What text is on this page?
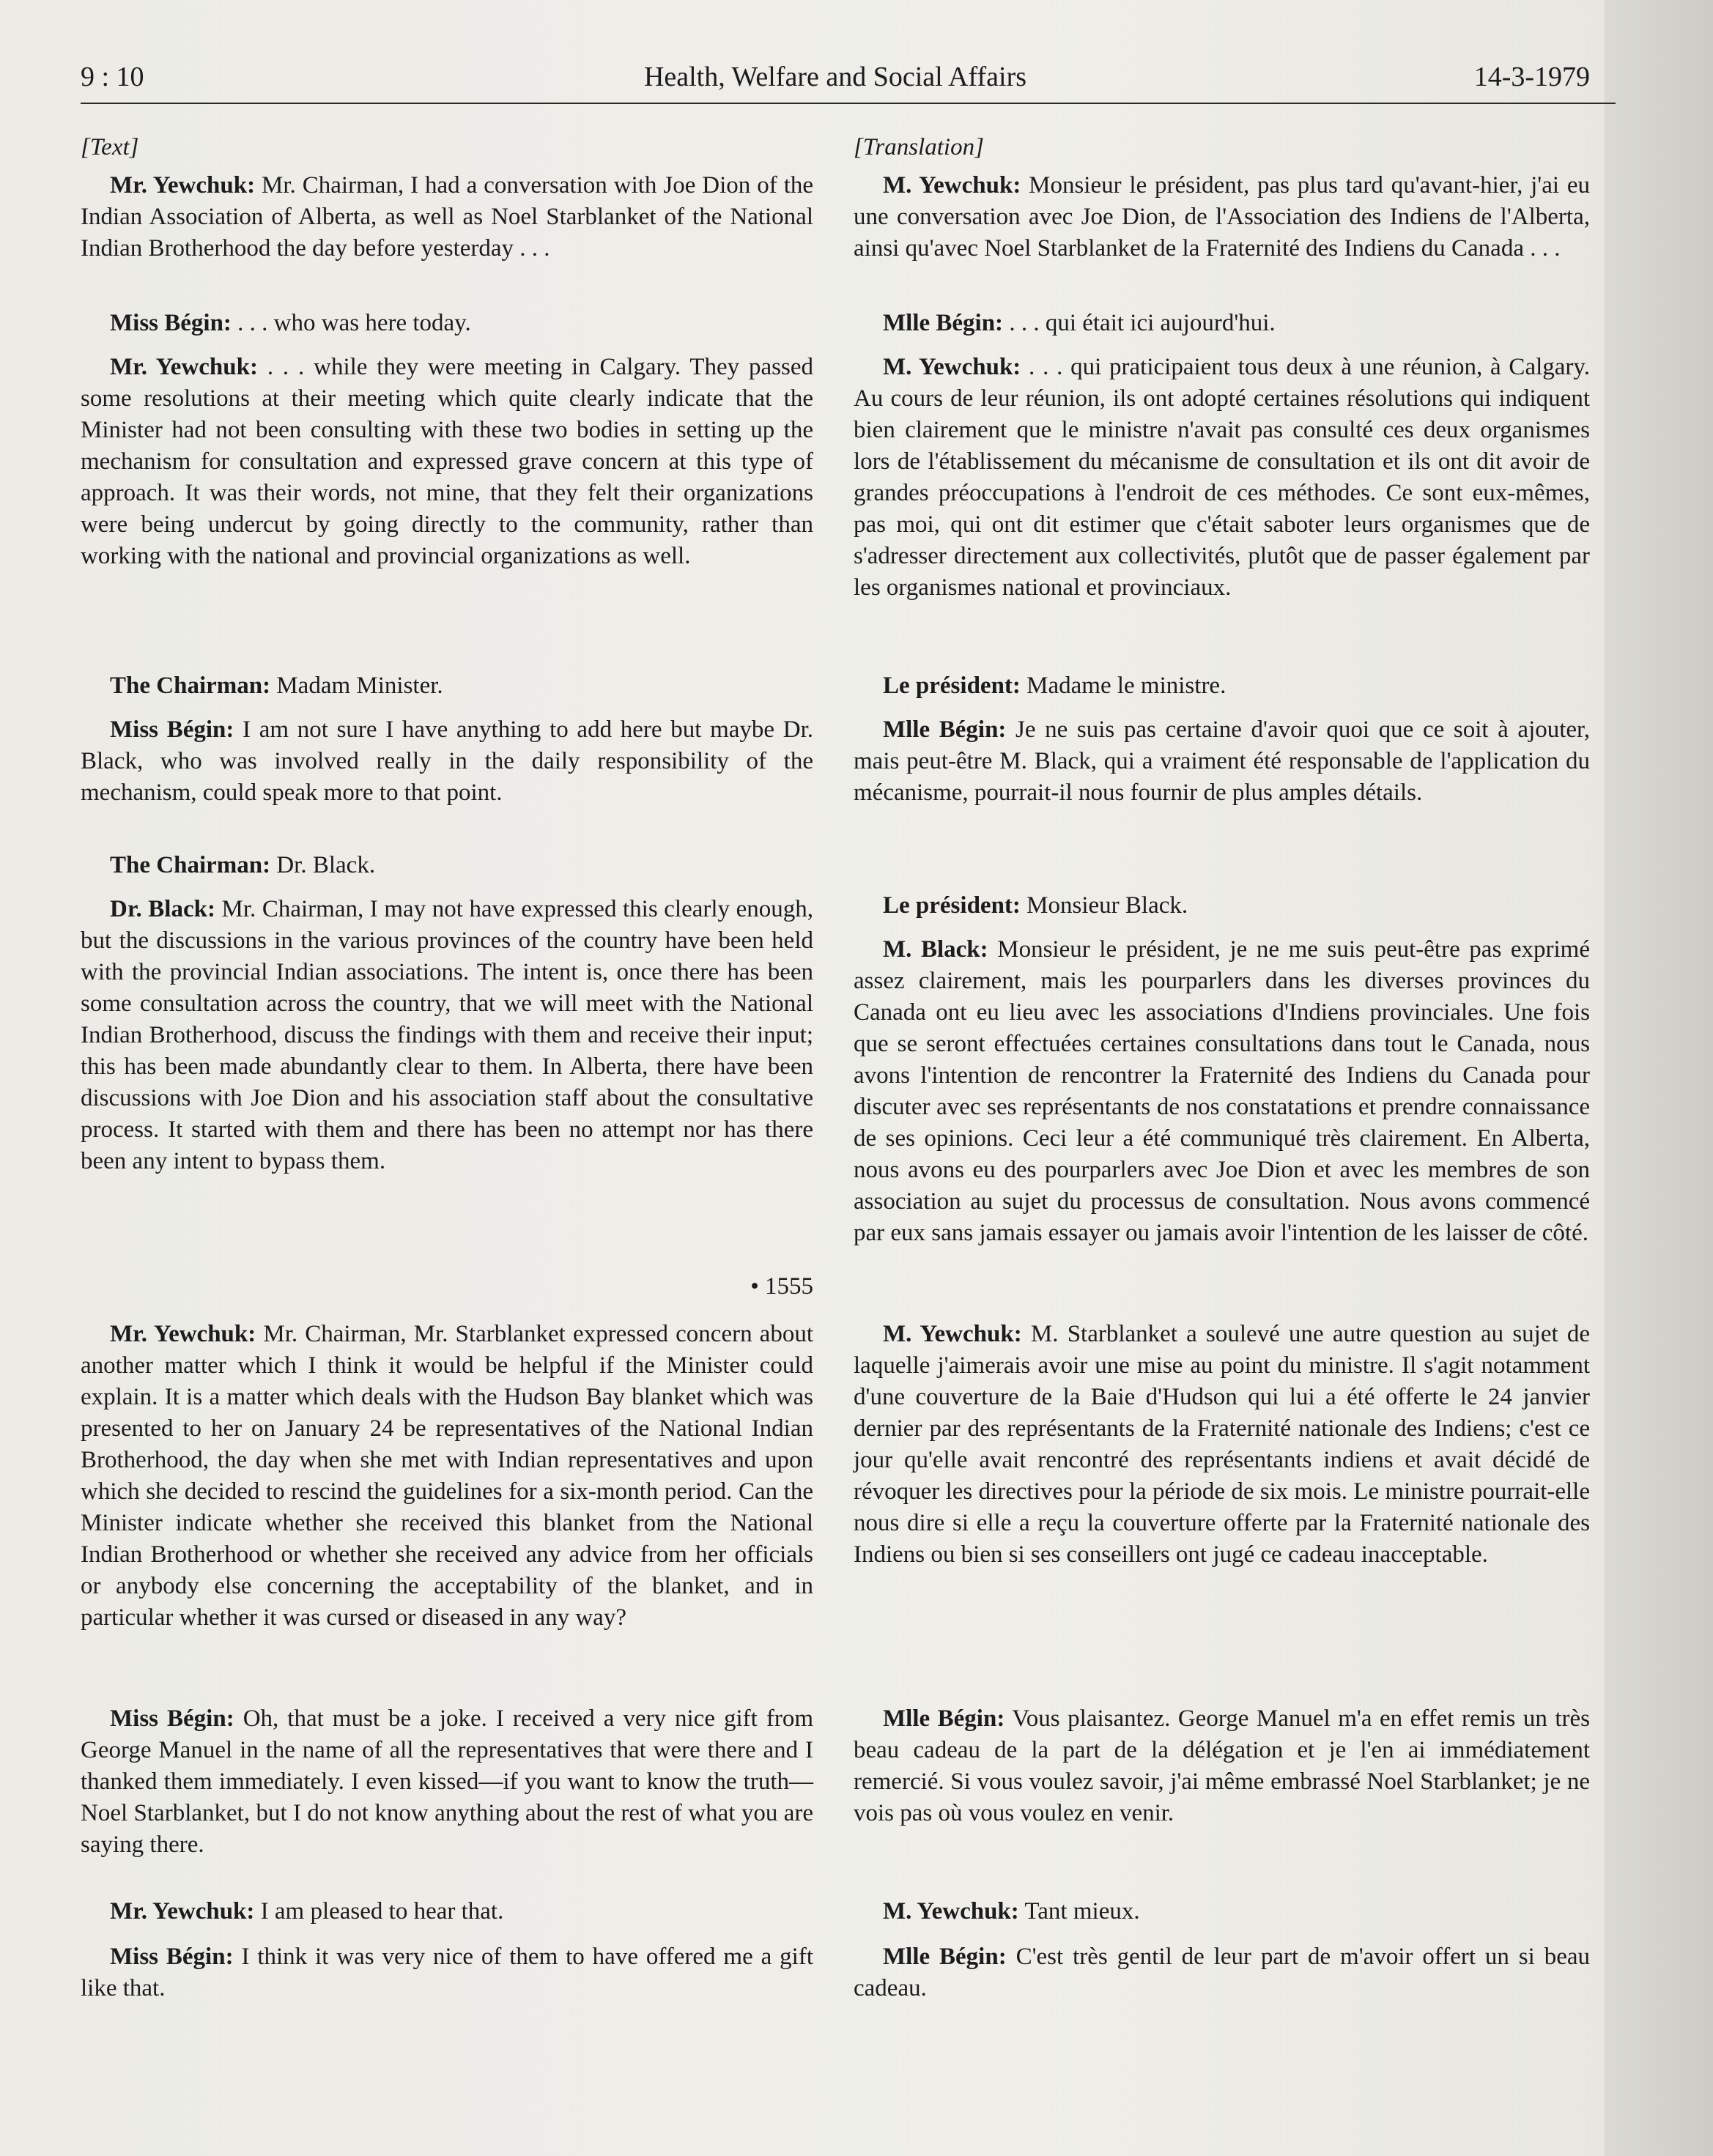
9 : 10	Health, Welfare and Social Affairs	14-3-1979
[Text]

Mr. Yewchuk: Mr. Chairman, I had a conversation with Joe Dion of the Indian Association of Alberta, as well as Noel Starblanket of the National Indian Brotherhood the day before yesterday . . .

Miss Bégin: . . . who was here today.

Mr. Yewchuk: . . . while they were meeting in Calgary. They passed some resolutions at their meeting which quite clearly indicate that the Minister had not been consulting with these two bodies in setting up the mechanism for consultation and expressed grave concern at this type of approach. It was their words, not mine, that they felt their organizations were being undercut by going directly to the community, rather than working with the national and provincial organizations as well.

The Chairman: Madam Minister.

Miss Bégin: I am not sure I have anything to add here but maybe Dr. Black, who was involved really in the daily responsibility of the mechanism, could speak more to that point.

The Chairman: Dr. Black.

Dr. Black: Mr. Chairman, I may not have expressed this clearly enough, but the discussions in the various provinces of the country have been held with the provincial Indian associations. The intent is, once there has been some consultation across the country, that we will meet with the National Indian Brotherhood, discuss the findings with them and receive their input; this has been made abundantly clear to them. In Alberta, there have been discussions with Joe Dion and his association staff about the consultative process. It started with them and there has been no attempt nor has there been any intent to bypass them.

• 1555

Mr. Yewchuk: Mr. Chairman, Mr. Starblanket expressed concern about another matter which I think it would be helpful if the Minister could explain. It is a matter which deals with the Hudson Bay blanket which was presented to her on January 24 be representatives of the National Indian Brotherhood, the day when she met with Indian representatives and upon which she decided to rescind the guidelines for a six-month period. Can the Minister indicate whether she received this blanket from the National Indian Brotherhood or whether she received any advice from her officials or anybody else concerning the acceptability of the blanket, and in particular whether it was cursed or diseased in any way?

Miss Bégin: Oh, that must be a joke. I received a very nice gift from George Manuel in the name of all the representatives that were there and I thanked them immediately. I even kissed—if you want to know the truth—Noel Starblanket, but I do not know anything about the rest of what you are saying there.

Mr. Yewchuk: I am pleased to hear that.

Miss Bégin: I think it was very nice of them to have offered me a gift like that.

[Translation]

M. Yewchuk: Monsieur le président, pas plus tard qu'avant-hier, j'ai eu une conversation avec Joe Dion, de l'Association des Indiens de l'Alberta, ainsi qu'avec Noel Starblanket de la Fraternité des Indiens du Canada . . .

Mlle Bégin: . . . qui était ici aujourd'hui.

M. Yewchuk: . . . qui praticipaient tous deux à une réunion, à Calgary. Au cours de leur réunion, ils ont adopté certaines résolutions qui indiquent bien clairement que le ministre n'avait pas consulté ces deux organismes lors de l'établissement du mécanisme de consultation et ils ont dit avoir de grandes préoccupations à l'endroit de ces méthodes. Ce sont eux-mêmes, pas moi, qui ont dit estimer que c'était saboter leurs organismes que de s'adresser directement aux collectivités, plutôt que de passer également par les organismes national et provinciaux.

Le président: Madame le ministre.

Mlle Bégin: Je ne suis pas certaine d'avoir quoi que ce soit à ajouter, mais peut-être M. Black, qui a vraiment été responsable de l'application du mécanisme, pourrait-il nous fournir de plus amples détails.

Le président: Monsieur Black.

M. Black: Monsieur le président, je ne me suis peut-être pas exprimé assez clairement, mais les pourparlers dans les diverses provinces du Canada ont eu lieu avec les associations d'Indiens provinciales. Une fois que se seront effectuées certaines consultations dans tout le Canada, nous avons l'intention de rencontrer la Fraternité des Indiens du Canada pour discuter avec ses représentants de nos constatations et prendre connaissance de ses opinions. Ceci leur a été communiqué très clairement. En Alberta, nous avons eu des pourparlers avec Joe Dion et avec les membres de son association au sujet du processus de consultation. Nous avons commencé par eux sans jamais essayer ou jamais avoir l'intention de les laisser de côté.

M. Yewchuk: M. Starblanket a soulevé une autre question au sujet de laquelle j'aimerais avoir une mise au point du ministre. Il s'agit notamment d'une couverture de la Baie d'Hudson qui lui a été offerte le 24 janvier dernier par des représentants de la Fraternité nationale des Indiens; c'est ce jour qu'elle avait rencontré des représentants indiens et avait décidé de révoquer les directives pour la période de six mois. Le ministre pourrait-elle nous dire si elle a reçu la couverture offerte par la Fraternité nationale des Indiens ou bien si ses conseillers ont jugé ce cadeau inacceptable.

Mlle Bégin: Vous plaisantez. George Manuel m'a en effet remis un très beau cadeau de la part de la délégation et je l'en ai immédiatement remercié. Si vous voulez savoir, j'ai même embrassé Noel Starblanket; je ne vois pas où vous voulez en venir.

M. Yewchuk: Tant mieux.

Mlle Bégin: C'est très gentil de leur part de m'avoir offert un si beau cadeau.
